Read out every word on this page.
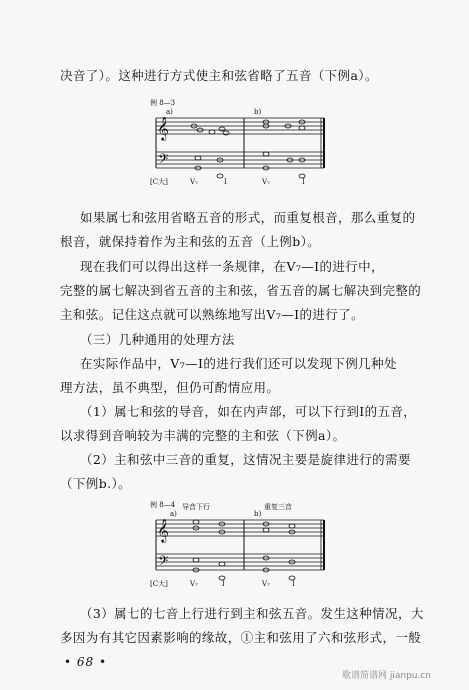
决音了）。这种进行方式使主和弦省略了五音（下例a）。
例 8—3
a)	b)
𝄞
𝄢
[C大]	Ⅴ₇	Ⅰ	Ⅴ₇	Ⅰ
如果属七和弦用省略五音的形式，而重复根音，那么重复的
根音，就保持着作为主和弦的五音（上例b）。
现在我们可以得出这样一条规律，在Ⅴ₇—Ⅰ的进行中，
完整的属七解决到省五音的主和弦，省五音的属七解决到完整的
主和弦。记住这点就可以熟练地写出Ⅴ₇—Ⅰ的进行了。
（三）几种通用的处理方法
在实际作品中，Ⅴ₇—Ⅰ的进行我们还可以发现下例几种处
理方法，虽不典型，但仍可酌情应用。
（1）属七和弦的导音，如在内声部，可以下行到Ⅰ的五音，
以求得到音响较为丰满的完整的主和弦（下例a）。
（2）主和弦中三音的重复，这情况主要是旋律进行的需要
（下例b.）。
例 8—4
a)
导音下行
b)
重复三音
𝄞
𝄢
[C大]	Ⅴ₇	Ⅰ	Ⅴ₇	Ⅰ
（3）属七的七音上行进行到主和弦五音。发生这种情况，大
多因为有其它因素影响的缘故，①主和弦用了六和弦形式，一般
• 68 •
歌谱简谱网 jianpu.cn
